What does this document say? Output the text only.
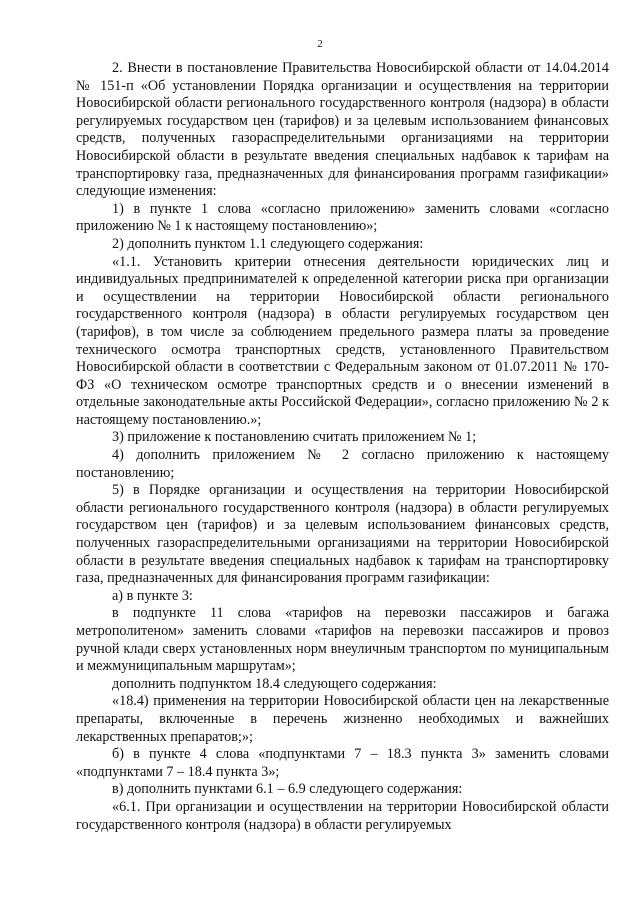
2

2. Внести в постановление Правительства Новосибирской области от 14.04.2014 № 151-п «Об установлении Порядка организации и осуществления на территории Новосибирской области регионального государственного контроля (надзора) в области регулируемых государством цен (тарифов) и за целевым использованием финансовых средств, полученных газораспределительными организациями на территории Новосибирской области в результате введения специальных надбавок к тарифам на транспортировку газа, предназначенных для финансирования программ газификации» следующие изменения:

1) в пункте 1 слова «согласно приложению» заменить словами «согласно приложению № 1 к настоящему постановлению»;

2) дополнить пунктом 1.1 следующего содержания:

«1.1. Установить критерии отнесения деятельности юридических лиц и индивидуальных предпринимателей к определенной категории риска при организации и осуществлении на территории Новосибирской области регионального государственного контроля (надзора) в области регулируемых государством цен (тарифов), в том числе за соблюдением предельного размера платы за проведение технического осмотра транспортных средств, установленного Правительством Новосибирской области в соответствии с Федеральным законом от 01.07.2011 № 170-ФЗ «О техническом осмотре транспортных средств и о внесении изменений в отдельные законодательные акты Российской Федерации», согласно приложению № 2 к настоящему постановлению.»;

3) приложение к постановлению считать приложением № 1;

4) дополнить приложением № 2 согласно приложению к настоящему постановлению;

5) в Порядке организации и осуществления на территории Новосибирской области регионального государственного контроля (надзора) в области регулируемых государством цен (тарифов) и за целевым использованием финансовых средств, полученных газораспределительными организациями на территории Новосибирской области в результате введения специальных надбавок к тарифам на транспортировку газа, предназначенных для финансирования программ газификации:

а) в пункте 3:

в подпункте 11 слова «тарифов на перевозки пассажиров и багажа метрополитеном» заменить словами «тарифов на перевозки пассажиров и провоз ручной клади сверх установленных норм внеуличным транспортом по муниципальным и межмуниципальным маршрутам»;

дополнить подпунктом 18.4 следующего содержания:

«18.4) применения на территории Новосибирской области цен на лекарственные препараты, включенные в перечень жизненно необходимых и важнейших лекарственных препаратов;»;

б) в пункте 4 слова «подпунктами 7 – 18.3 пункта 3» заменить словами «подпунктами 7 – 18.4 пункта 3»;

в) дополнить пунктами 6.1 – 6.9 следующего содержания:

«6.1. При организации и осуществлении на территории Новосибирской области государственного контроля (надзора) в области регулируемых
